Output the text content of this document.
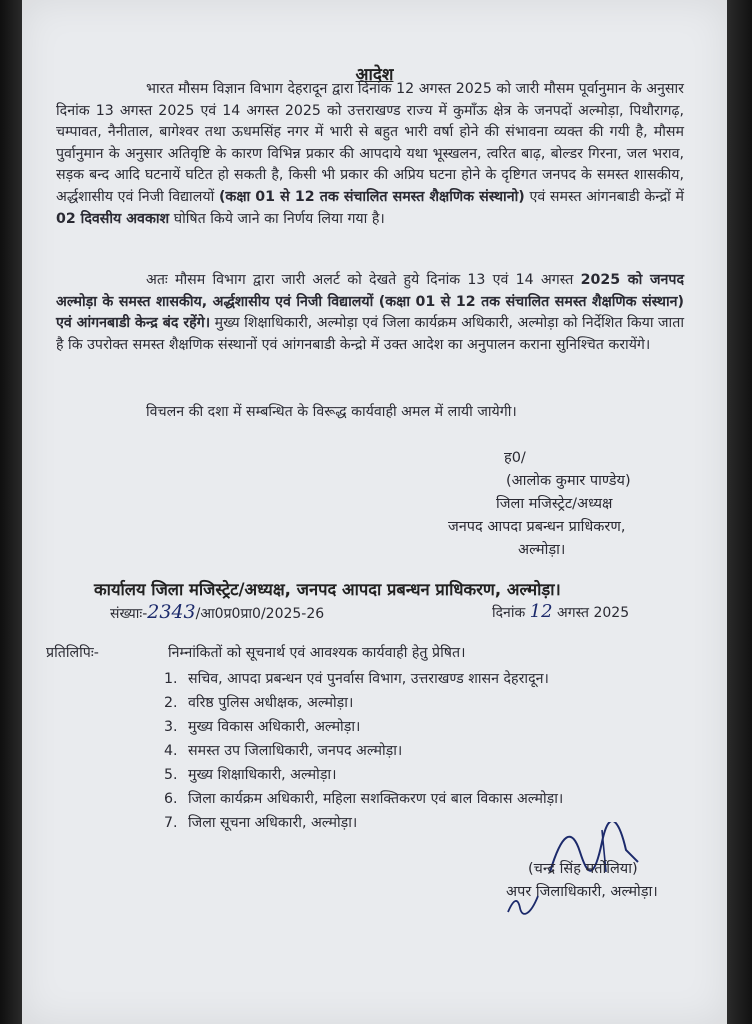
आदेश
भारत मौसम विज्ञान विभाग देहरादून द्वारा दिनांक 12 अगस्त 2025 को जारी मौसम पूर्वानुमान के अनुसार दिनांक 13 अगस्त 2025 एवं 14 अगस्त 2025 को उत्तराखण्ड राज्य में कुमाँऊ क्षेत्र के जनपदों अल्मोड़ा, पिथौरागढ़, चम्पावत, नैनीताल, बागेश्वर तथा ऊधमसिंह नगर में भारी से बहुत भारी वर्षा होने की संभावना व्यक्त की गयी है, मौसम पुर्वानुमान के अनुसार अतिवृष्टि के कारण विभिन्न प्रकार की आपदाये यथा भूस्खलन, त्वरित बाढ़, बोल्डर गिरना, जल भराव, सड़क बन्द आदि घटनायें घटित हो सकती है, किसी भी प्रकार की अप्रिय घटना होने के दृष्टिगत जनपद के समस्त शासकीय, अर्द्धशासीय एवं निजी विद्यालयों (कक्षा 01 से 12 तक संचालित समस्त शैक्षणिक संस्थानो) एवं समस्त आंगनबाडी केन्द्रों में 02 दिवसीय अवकाश घोषित किये जाने का निर्णय लिया गया है।
अतः मौसम विभाग द्वारा जारी अलर्ट को देखते हुये दिनांक 13 एवं 14 अगस्त 2025 को जनपद अल्मोड़ा के समस्त शासकीय, अर्द्धशासीय एवं निजी विद्यालयों (कक्षा 01 से 12 तक संचालित समस्त शैक्षणिक संस्थान) एवं आंगनबाडी केन्द्र बंद रहेंगे। मुख्य शिक्षाधिकारी, अल्मोड़ा एवं जिला कार्यक्रम अधिकारी, अल्मोड़ा को निर्देशित किया जाता है कि उपरोक्त समस्त शैक्षणिक संस्थानों एवं आंगनबाडी केन्द्रो में उक्त आदेश का अनुपालन कराना सुनिश्चित करायेंगे।
विचलन की दशा में सम्बन्धित के विरूद्ध कार्यवाही अमल में लायी जायेगी।
ह0/
(आलोक कुमार पाण्डेय)
जिला मजिस्ट्रेट/अध्यक्ष
जनपद आपदा प्रबन्धन प्राधिकरण,
अल्मोड़ा।
कार्यालय जिला मजिस्ट्रेट/अध्यक्ष, जनपद आपदा प्रबन्धन प्राधिकरण, अल्मोड़ा।
संख्याः-2343/आ0प्र0प्रा0/2025-26	दिनांक 12 अगस्त 2025
प्रतिलिपिः-	निम्नांकितों को सूचनार्थ एवं आवश्यक कार्यवाही हेतु प्रेषित।
1. सचिव, आपदा प्रबन्धन एवं पुनर्वास विभाग, उत्तराखण्ड शासन देहरादून।
2. वरिष्ठ पुलिस अधीक्षक, अल्मोड़ा।
3. मुख्य विकास अधिकारी, अल्मोड़ा।
4. समस्त उप जिलाधिकारी, जनपद अल्मोड़ा।
5. मुख्य शिक्षाधिकारी, अल्मोड़ा।
6. जिला कार्यक्रम अधिकारी, महिला सशक्तिकरण एवं बाल विकास अल्मोड़ा।
7. जिला सूचना अधिकारी, अल्मोड़ा।
(चन्द्र सिंह मर्तोलिया)
अपर जिलाधिकारी, अल्मोड़ा।
